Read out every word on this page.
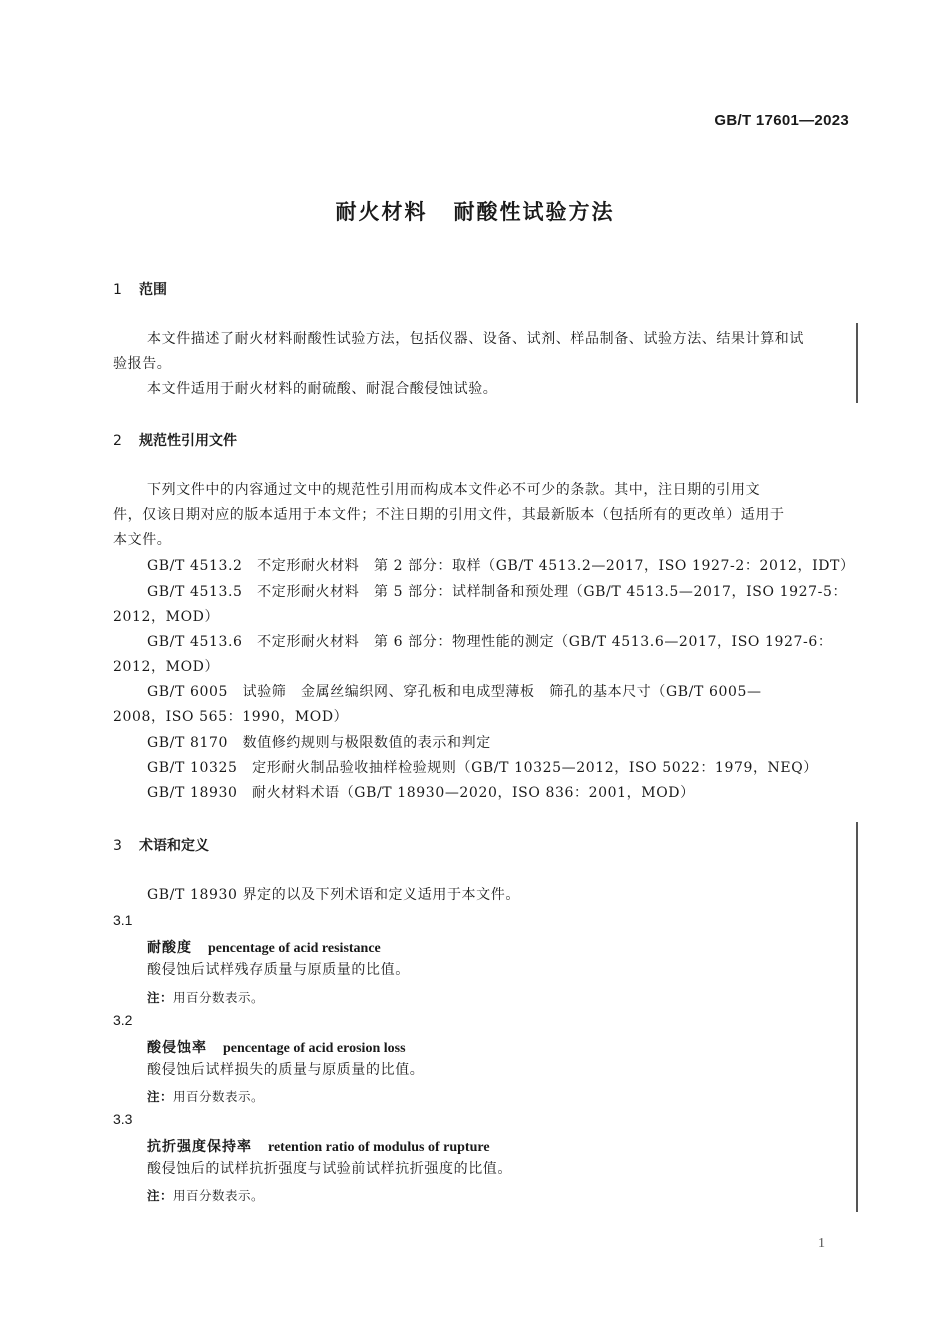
GB/T 17601—2023
耐火材料 耐酸性试验方法
1 范围
本文件描述了耐火材料耐酸性试验方法，包括仪器、设备、试剂、样品制备、试验方法、结果计算和试
验报告。
本文件适用于耐火材料的耐硫酸、耐混合酸侵蚀试验。
2 规范性引用文件
下列文件中的内容通过文中的规范性引用而构成本文件必不可少的条款。其中，注日期的引用文
件，仅该日期对应的版本适用于本文件；不注日期的引用文件，其最新版本（包括所有的更改单）适用于
本文件。
GB/T 4513.2　不定形耐火材料　第 2 部分：取样（GB/T 4513.2—2017，ISO 1927-2：2012，IDT）
GB/T 4513.5　不定形耐火材料　第 5 部分：试样制备和预处理（GB/T 4513.5—2017，ISO 1927-5：
2012，MOD）
GB/T 4513.6　不定形耐火材料　第 6 部分：物理性能的测定（GB/T 4513.6—2017，ISO 1927-6：
2012，MOD）
GB/T 6005　试验筛　金属丝编织网、穿孔板和电成型薄板　筛孔的基本尺寸（GB/T 6005—
2008，ISO 565：1990，MOD）
GB/T 8170　数值修约规则与极限数值的表示和判定
GB/T 10325　定形耐火制品验收抽样检验规则（GB/T 10325—2012，ISO 5022：1979，NEQ）
GB/T 18930　耐火材料术语（GB/T 18930—2020，ISO 836：2001，MOD）
3 术语和定义
GB/T 18930 界定的以及下列术语和定义适用于本文件。
3.1
耐酸度 pencentage of acid resistance
酸侵蚀后试样残存质量与原质量的比值。
注：用百分数表示。
3.2
酸侵蚀率 pencentage of acid erosion loss
酸侵蚀后试样损失的质量与原质量的比值。
注：用百分数表示。
3.3
抗折强度保持率 retention ratio of modulus of rupture
酸侵蚀后的试样抗折强度与试验前试样抗折强度的比值。
注：用百分数表示。
1
